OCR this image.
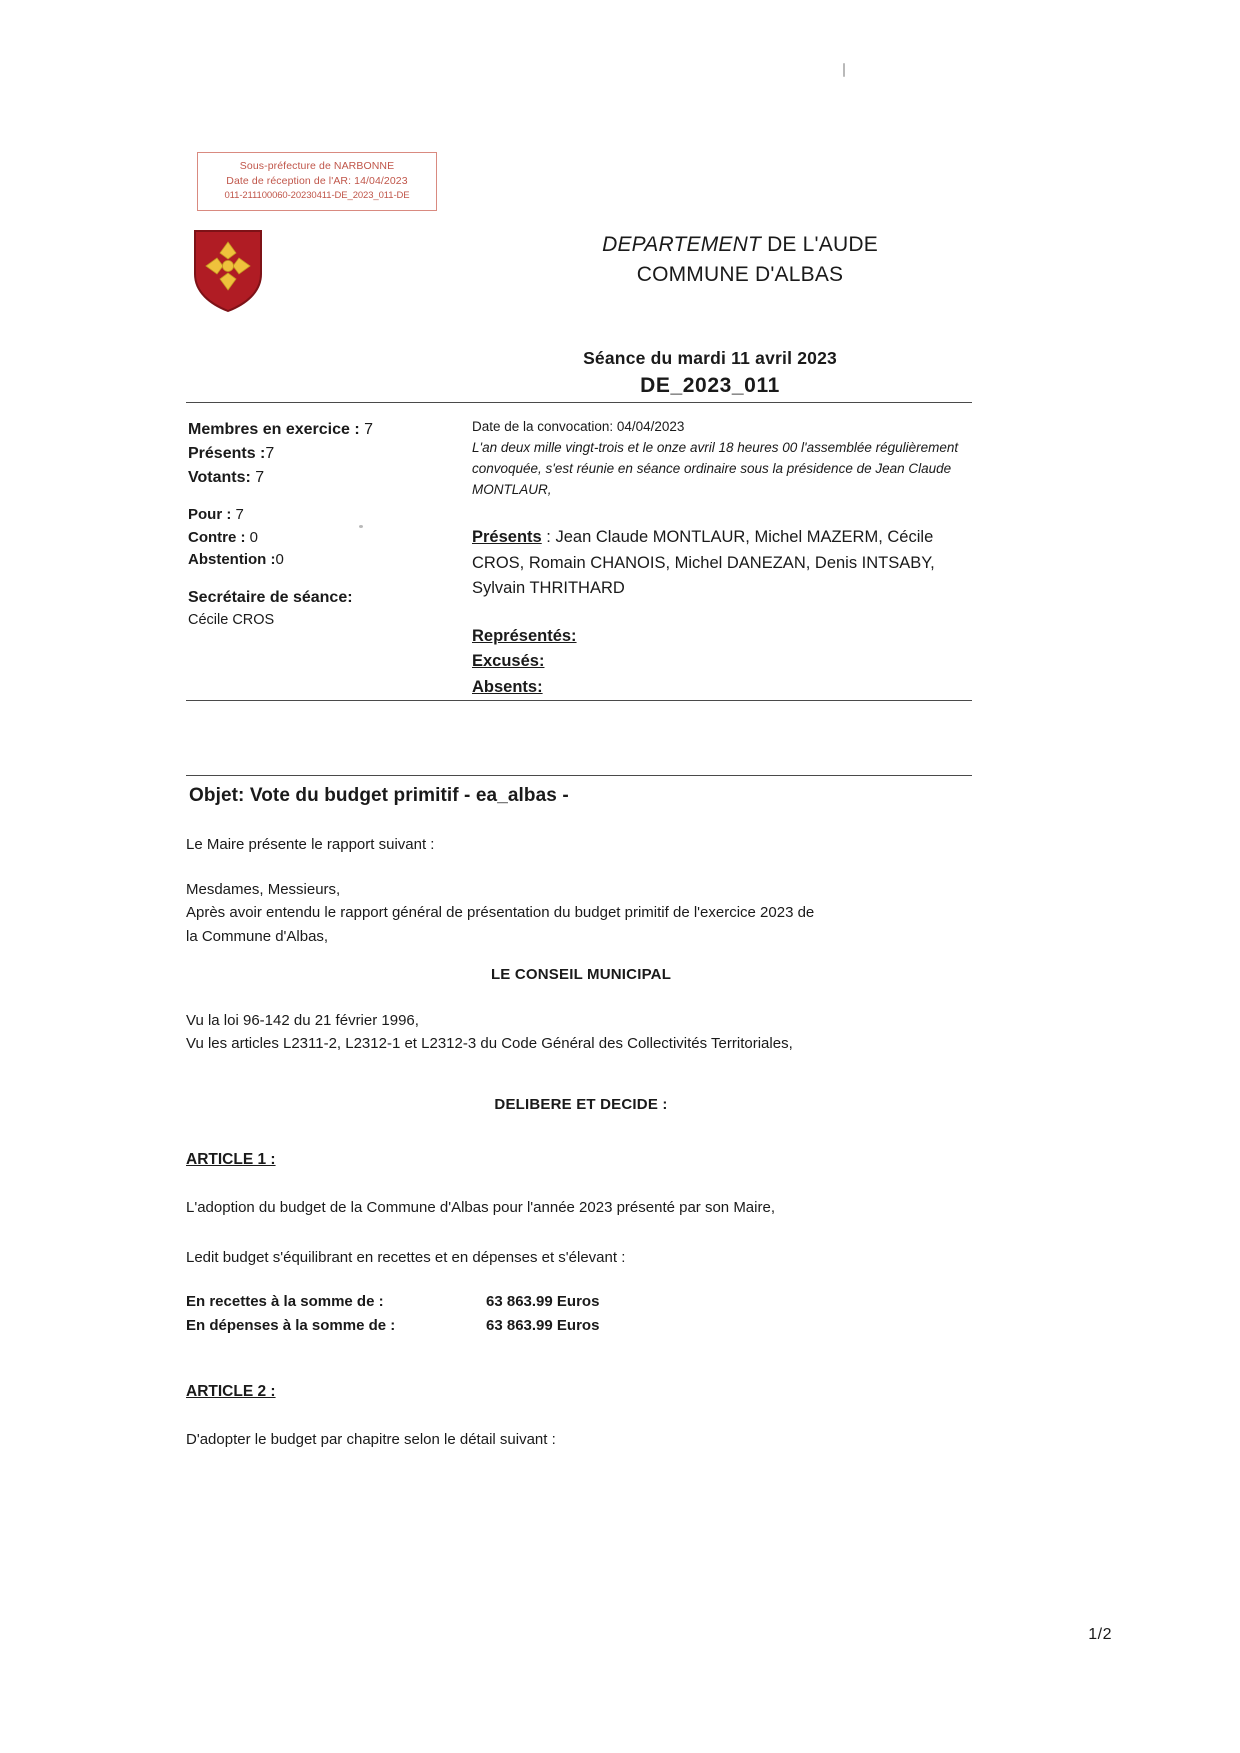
Sous-préfecture de NARBONNE
Date de réception de l'AR: 14/04/2023
011-211100060-20230411-DE_2023_011-DE
DEPARTEMENT DE L'AUDE
COMMUNE D'ALBAS
Séance du mardi 11 avril 2023
DE_2023_011
Membres en exercice : 7
Présents :7
Votants: 7
Pour : 7
Contre : 0
Abstention :0
Secrétaire de séance:
Cécile CROS
Date de la convocation: 04/04/2023
L'an deux mille vingt-trois et le onze avril 18 heures 00 l'assemblée régulièrement convoquée, s'est réunie en séance ordinaire sous la présidence de Jean Claude MONTLAUR,
Présents : Jean Claude MONTLAUR, Michel MAZERM, Cécile CROS, Romain CHANOIS, Michel DANEZAN, Denis INTSABY, Sylvain THRITHARD
Représentés:
Excusés:
Absents:
Objet: Vote du budget primitif - ea_albas -
Le Maire présente le rapport suivant :
Mesdames, Messieurs,
Après avoir entendu le rapport général de présentation du budget primitif de l'exercice 2023 de
la Commune d'Albas,
LE CONSEIL MUNICIPAL
Vu la loi 96-142 du 21 février 1996,
Vu les articles L2311-2, L2312-1 et L2312-3 du Code Général des Collectivités Territoriales,
DELIBERE ET DECIDE :
ARTICLE 1 :
L'adoption du budget de la Commune d'Albas pour l'année 2023 présenté par son Maire,
Ledit budget s'équilibrant en recettes et en dépenses et s'élevant :
En recettes à la somme de :	63 863.99 Euros
En dépenses à la somme de :	63 863.99 Euros
ARTICLE 2 :
D'adopter le budget par chapitre selon le détail suivant :
1/2
